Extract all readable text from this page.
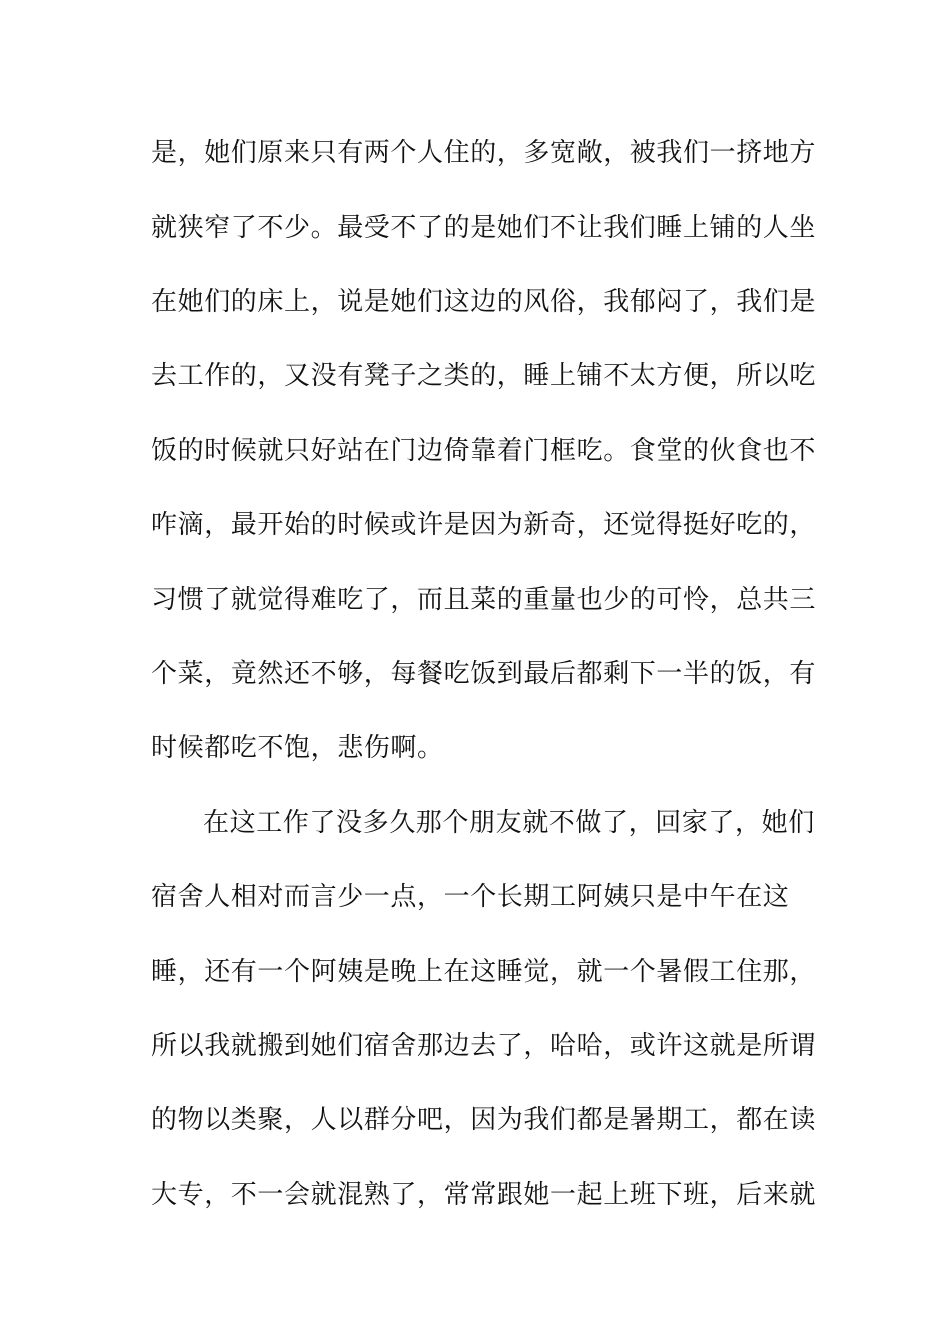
是，她们原来只有两个人住的，多宽敞，被我们一挤地方
就狭窄了不少。最受不了的是她们不让我们睡上铺的人坐
在她们的床上，说是她们这边的风俗，我郁闷了，我们是
去工作的，又没有凳子之类的，睡上铺不太方便，所以吃
饭的时候就只好站在门边倚靠着门框吃。食堂的伙食也不
咋滴，最开始的时候或许是因为新奇，还觉得挺好吃的，
习惯了就觉得难吃了，而且菜的重量也少的可怜，总共三
个菜，竟然还不够，每餐吃饭到最后都剩下一半的饭，有
时候都吃不饱，悲伤啊。
在这工作了没多久那个朋友就不做了，回家了，她们
宿舍人相对而言少一点，一个长期工阿姨只是中午在这
睡，还有一个阿姨是晚上在这睡觉，就一个暑假工住那，
所以我就搬到她们宿舍那边去了，哈哈，或许这就是所谓
的物以类聚，人以群分吧，因为我们都是暑期工，都在读
大专，不一会就混熟了，常常跟她一起上班下班，后来就
